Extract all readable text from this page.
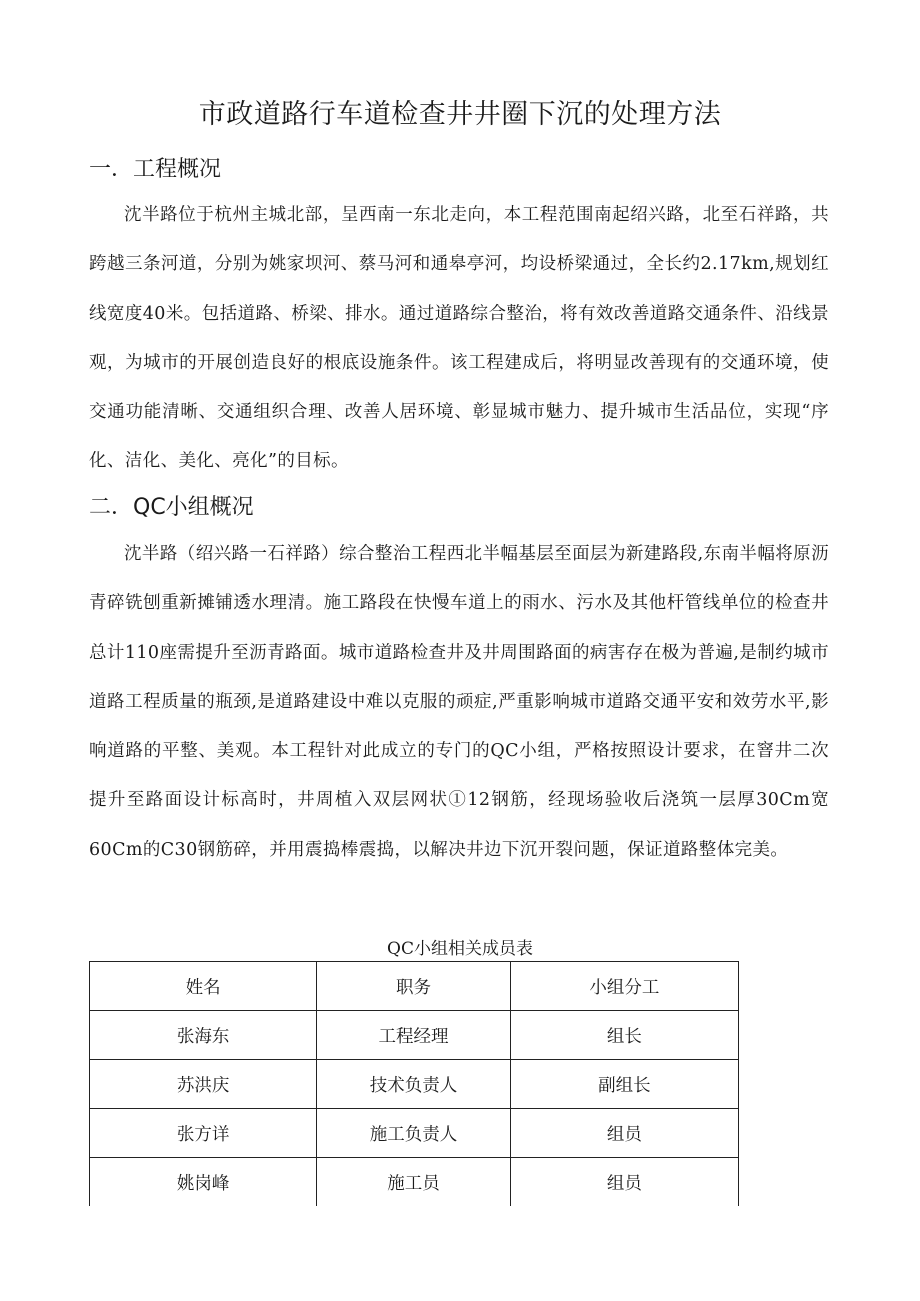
市政道路行车道检查井井圈下沉的处理方法
一．工程概况

沈半路位于杭州主城北部，呈西南一东北走向，本工程范围南起绍兴路，北至石祥路，共跨越三条河道，分别为姚家坝河、蔡马河和通皋亭河，均设桥梁通过，全长约2.17km,规划红线宽度40米。包括道路、桥梁、排水。通过道路综合整治，将有效改善道路交通条件、沿线景观，为城市的开展创造良好的根底设施条件。该工程建成后，将明显改善现有的交通环境，使交通功能清晰、交通组织合理、改善人居环境、彰显城市魅力、提升城市生活品位，实现“序化、洁化、美化、亮化”的目标。

二．QC小组概况

沈半路（绍兴路一石祥路）综合整治工程西北半幅基层至面层为新建路段,东南半幅将原沥青碎铣刨重新摊铺透水理清。施工路段在快慢车道上的雨水、污水及其他杆管线单位的检查井总计110座需提升至沥青路面。城市道路检查井及井周围路面的病害存在极为普遍,是制约城市道路工程质量的瓶颈,是道路建设中难以克服的顽症,严重影响城市道路交通平安和效劳水平,影响道路的平整、美观。本工程针对此成立的专门的QC小组，严格按照设计要求，在窨井二次提升至路面设计标高时，井周植入双层网状①12钢筋，经现场验收后浇筑一层厚30Cm宽60Cm的C30钢筋碎，并用震捣棒震捣，以解决井边下沉开裂问题，保证道路整体完美。

QC小组相关成员表

姓名	职务	小组分工
张海东	工程经理	组长
苏洪庆	技术负责人	副组长
张方详	施工负责人	组员
姚岗峰	施工员	组员
